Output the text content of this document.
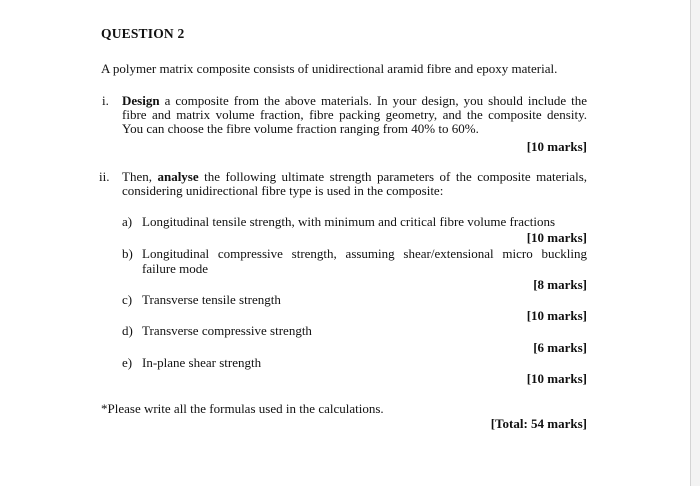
QUESTION 2
A polymer matrix composite consists of unidirectional aramid fibre and epoxy material.
i. Design a composite from the above materials. In your design, you should include the
fibre and matrix volume fraction, fibre packing geometry, and the composite density.
You can choose the fibre volume fraction ranging from 40% to 60%.
[10 marks]
ii. Then, analyse the following ultimate strength parameters of the composite materials,
considering unidirectional fibre type is used in the composite:
a) Longitudinal tensile strength, with minimum and critical fibre volume fractions
[10 marks]
b) Longitudinal compressive strength, assuming shear/extensional micro buckling
failure mode
[8 marks]
c) Transverse tensile strength
[10 marks]
d) Transverse compressive strength
[6 marks]
e) In-plane shear strength
[10 marks]
*Please write all the formulas used in the calculations.
[Total: 54 marks]
